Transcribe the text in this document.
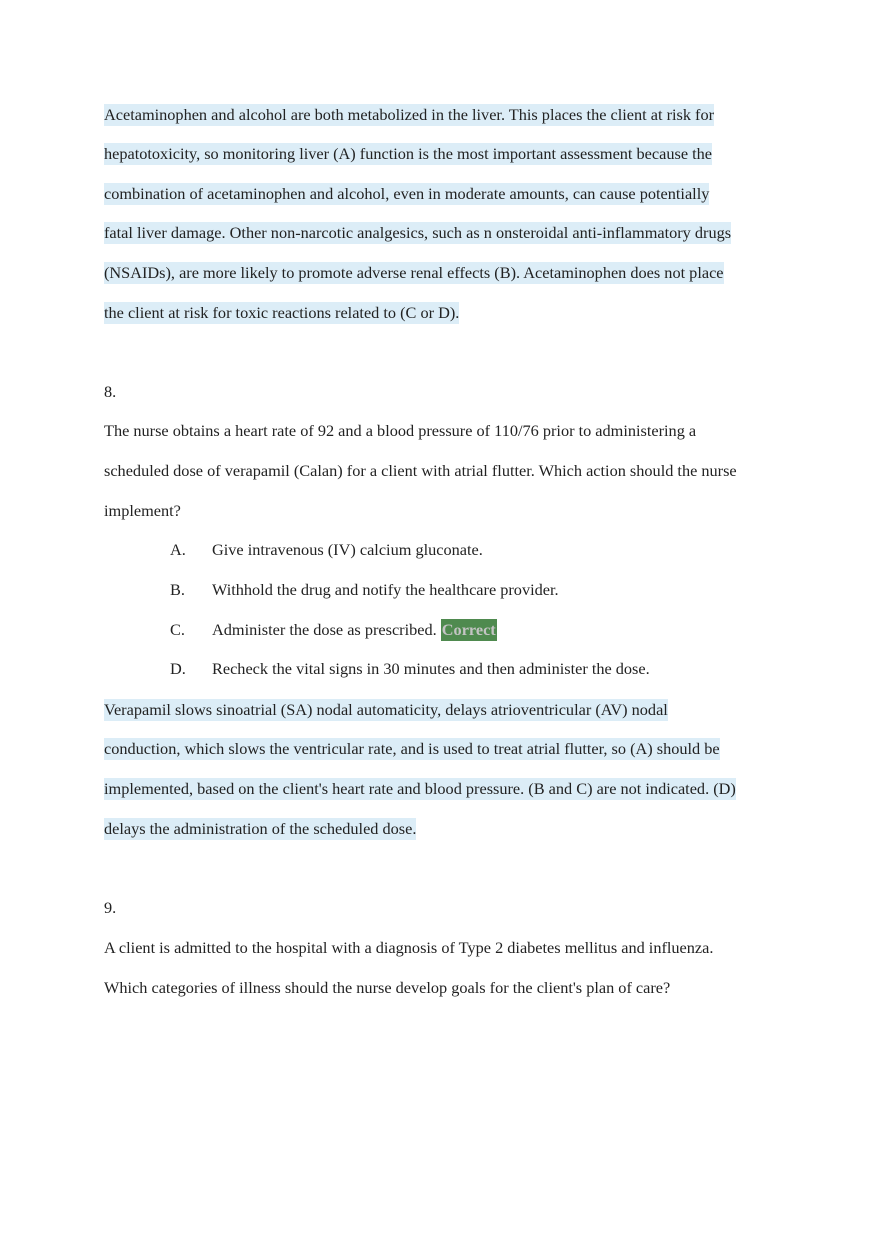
Acetaminophen and alcohol are both metabolized in the liver. This places the client at risk for
hepatotoxicity, so monitoring liver (A) function is the most important assessment because the
combination of acetaminophen and alcohol, even in moderate amounts, can cause potentially
fatal liver damage. Other non-narcotic analgesics, such as n onsteroidal anti-inflammatory drugs
(NSAIDs), are more likely to promote adverse renal effects (B). Acetaminophen does not place
the client at risk for toxic reactions related to (C or D).
8.
The nurse obtains a heart rate of 92 and a blood pressure of 110/76 prior to administering a
scheduled dose of verapamil (Calan) for a client with atrial flutter. Which action should the nurse
implement?
A. Give intravenous (IV) calcium gluconate.
B. Withhold the drug and notify the healthcare provider.
C. Administer the dose as prescribed. Correct
D. Recheck the vital signs in 30 minutes and then administer the dose.
Verapamil slows sinoatrial (SA) nodal automaticity, delays atrioventricular (AV) nodal
conduction, which slows the ventricular rate, and is used to treat atrial flutter, so (A) should be
implemented, based on the client's heart rate and blood pressure. (B and C) are not indicated. (D)
delays the administration of the scheduled dose.
9.
A client is admitted to the hospital with a diagnosis of Type 2 diabetes mellitus and influenza.
Which categories of illness should the nurse develop goals for the client's plan of care?
